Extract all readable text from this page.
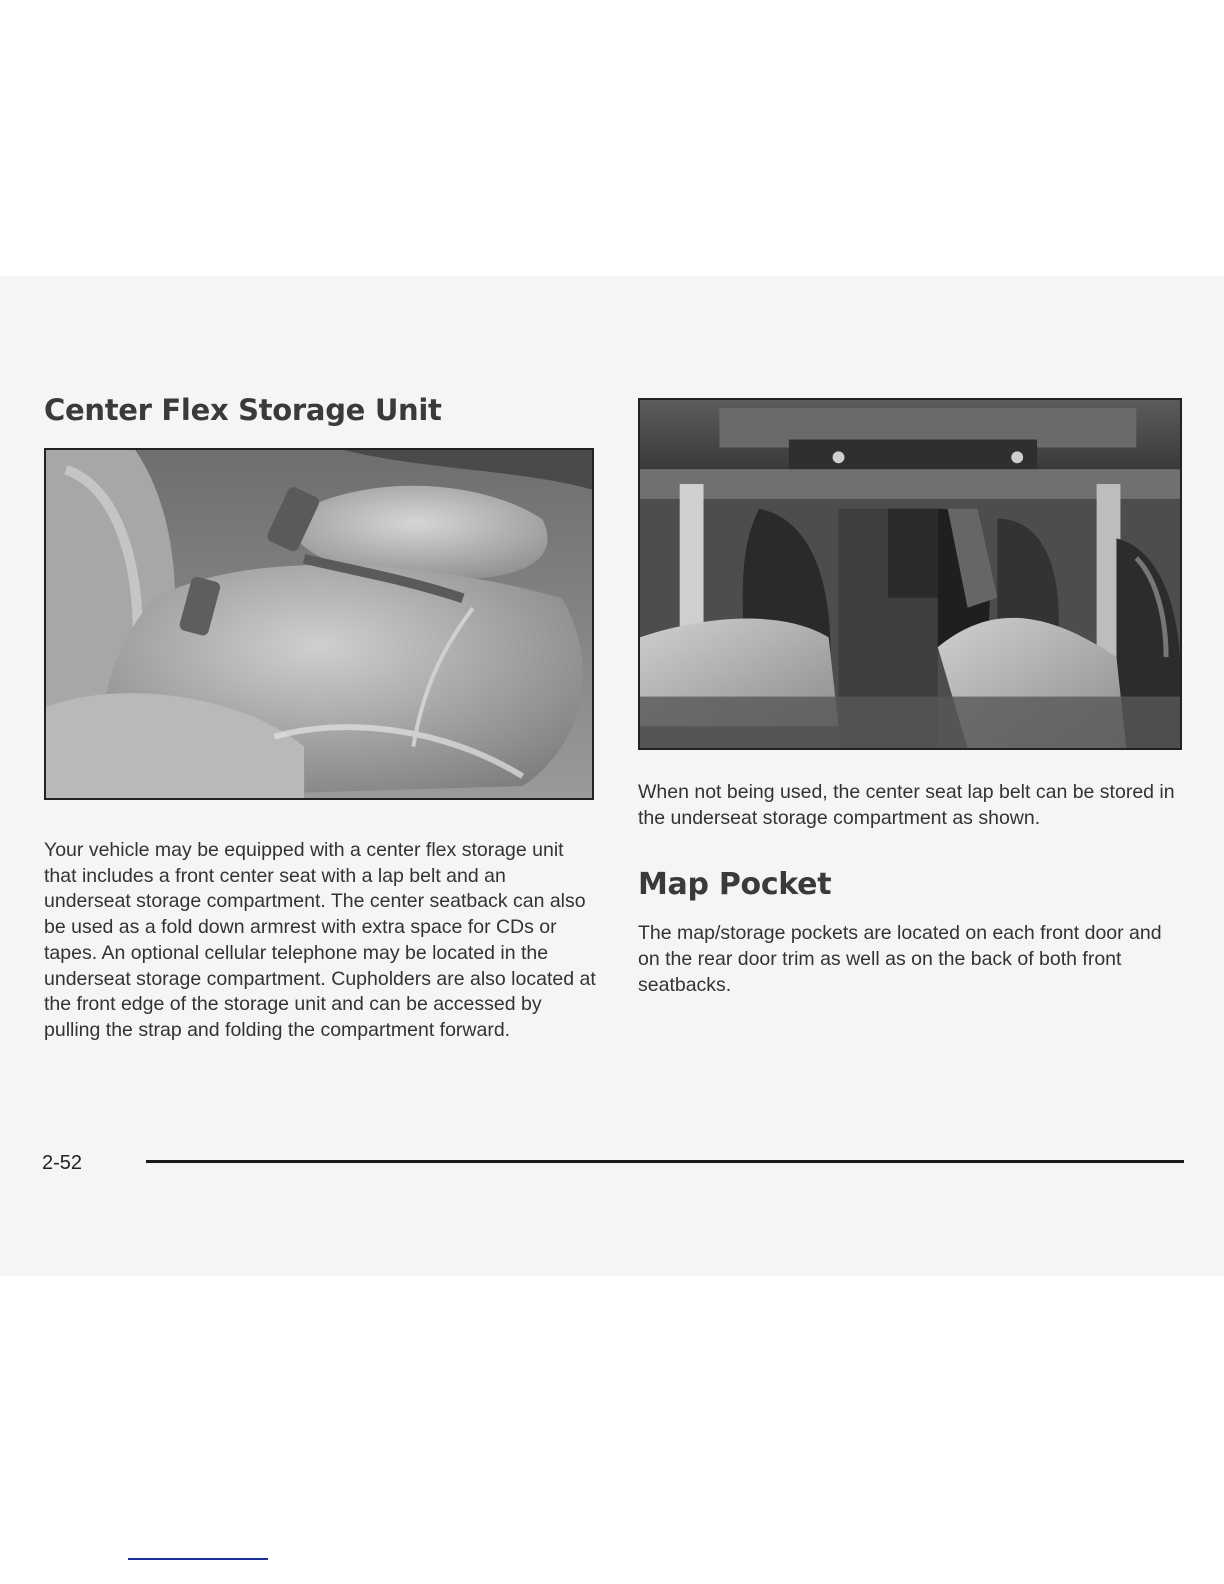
Center Flex Storage Unit

Your vehicle may be equipped with a center flex storage unit that includes a front center seat with a lap belt and an underseat storage compartment. The center seatback can also be used as a fold down armrest with extra space for CDs or tapes. An optional cellular telephone may be located in the underseat storage compartment. Cupholders are also located at the front edge of the storage unit and can be accessed by pulling the strap and folding the compartment forward.

When not being used, the center seat lap belt can be stored in the underseat storage compartment as shown.

Map Pocket

The map/storage pockets are located on each front door and on the rear door trim as well as on the back of both front seatbacks.

2-52
